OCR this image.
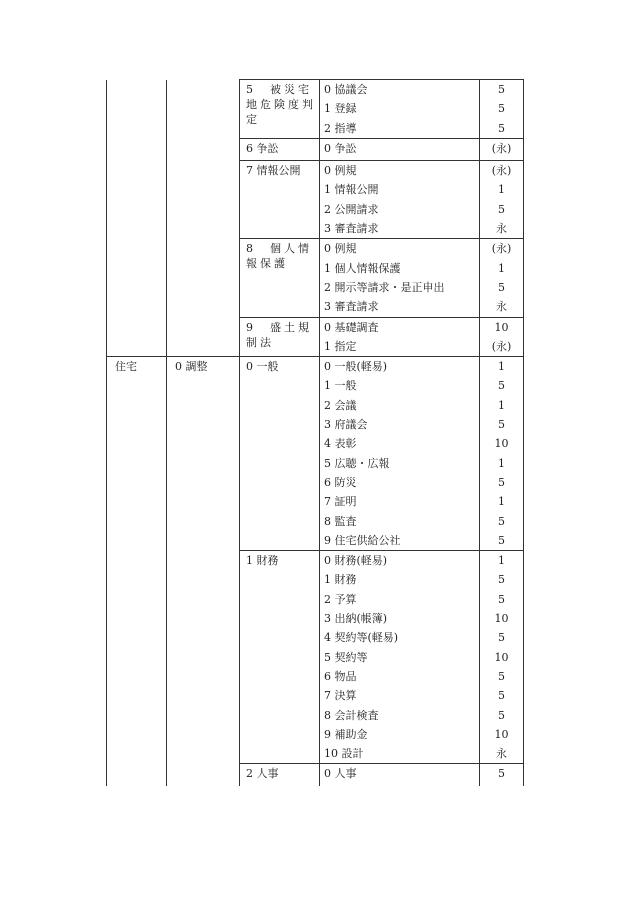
		5　被災宅地危険度判定	0 協議会	5
			1 登録	5
			2 指導	5
		6 争訟	0 争訟	(永)
		7 情報公開	0 例規	(永)
			1 情報公開	1
			2 公開請求	5
			3 審査請求	永
		8　個人情報保護	0 例規	(永)
			1 個人情報保護	1
			2 開示等請求・是正申出	5
			3 審査請求	永
		9　盛土規制法	0 基礎調査	10
			1 指定	(永)
住宅	0 調整	0 一般	0 一般(軽易)	1
			1 一般	5
			2 会議	1
			3 府議会	5
			4 表彰	10
			5 広聴・広報	1
			6 防災	5
			7 証明	1
			8 監査	5
			9 住宅供給公社	5
		1 財務	0 財務(軽易)	1
			1 財務	5
			2 予算	5
			3 出納(帳簿)	10
			4 契約等(軽易)	5
			5 契約等	10
			6 物品	5
			7 決算	5
			8 会計検査	5
			9 補助金	10
			10 設計	永
		2 人事	0 人事	5
